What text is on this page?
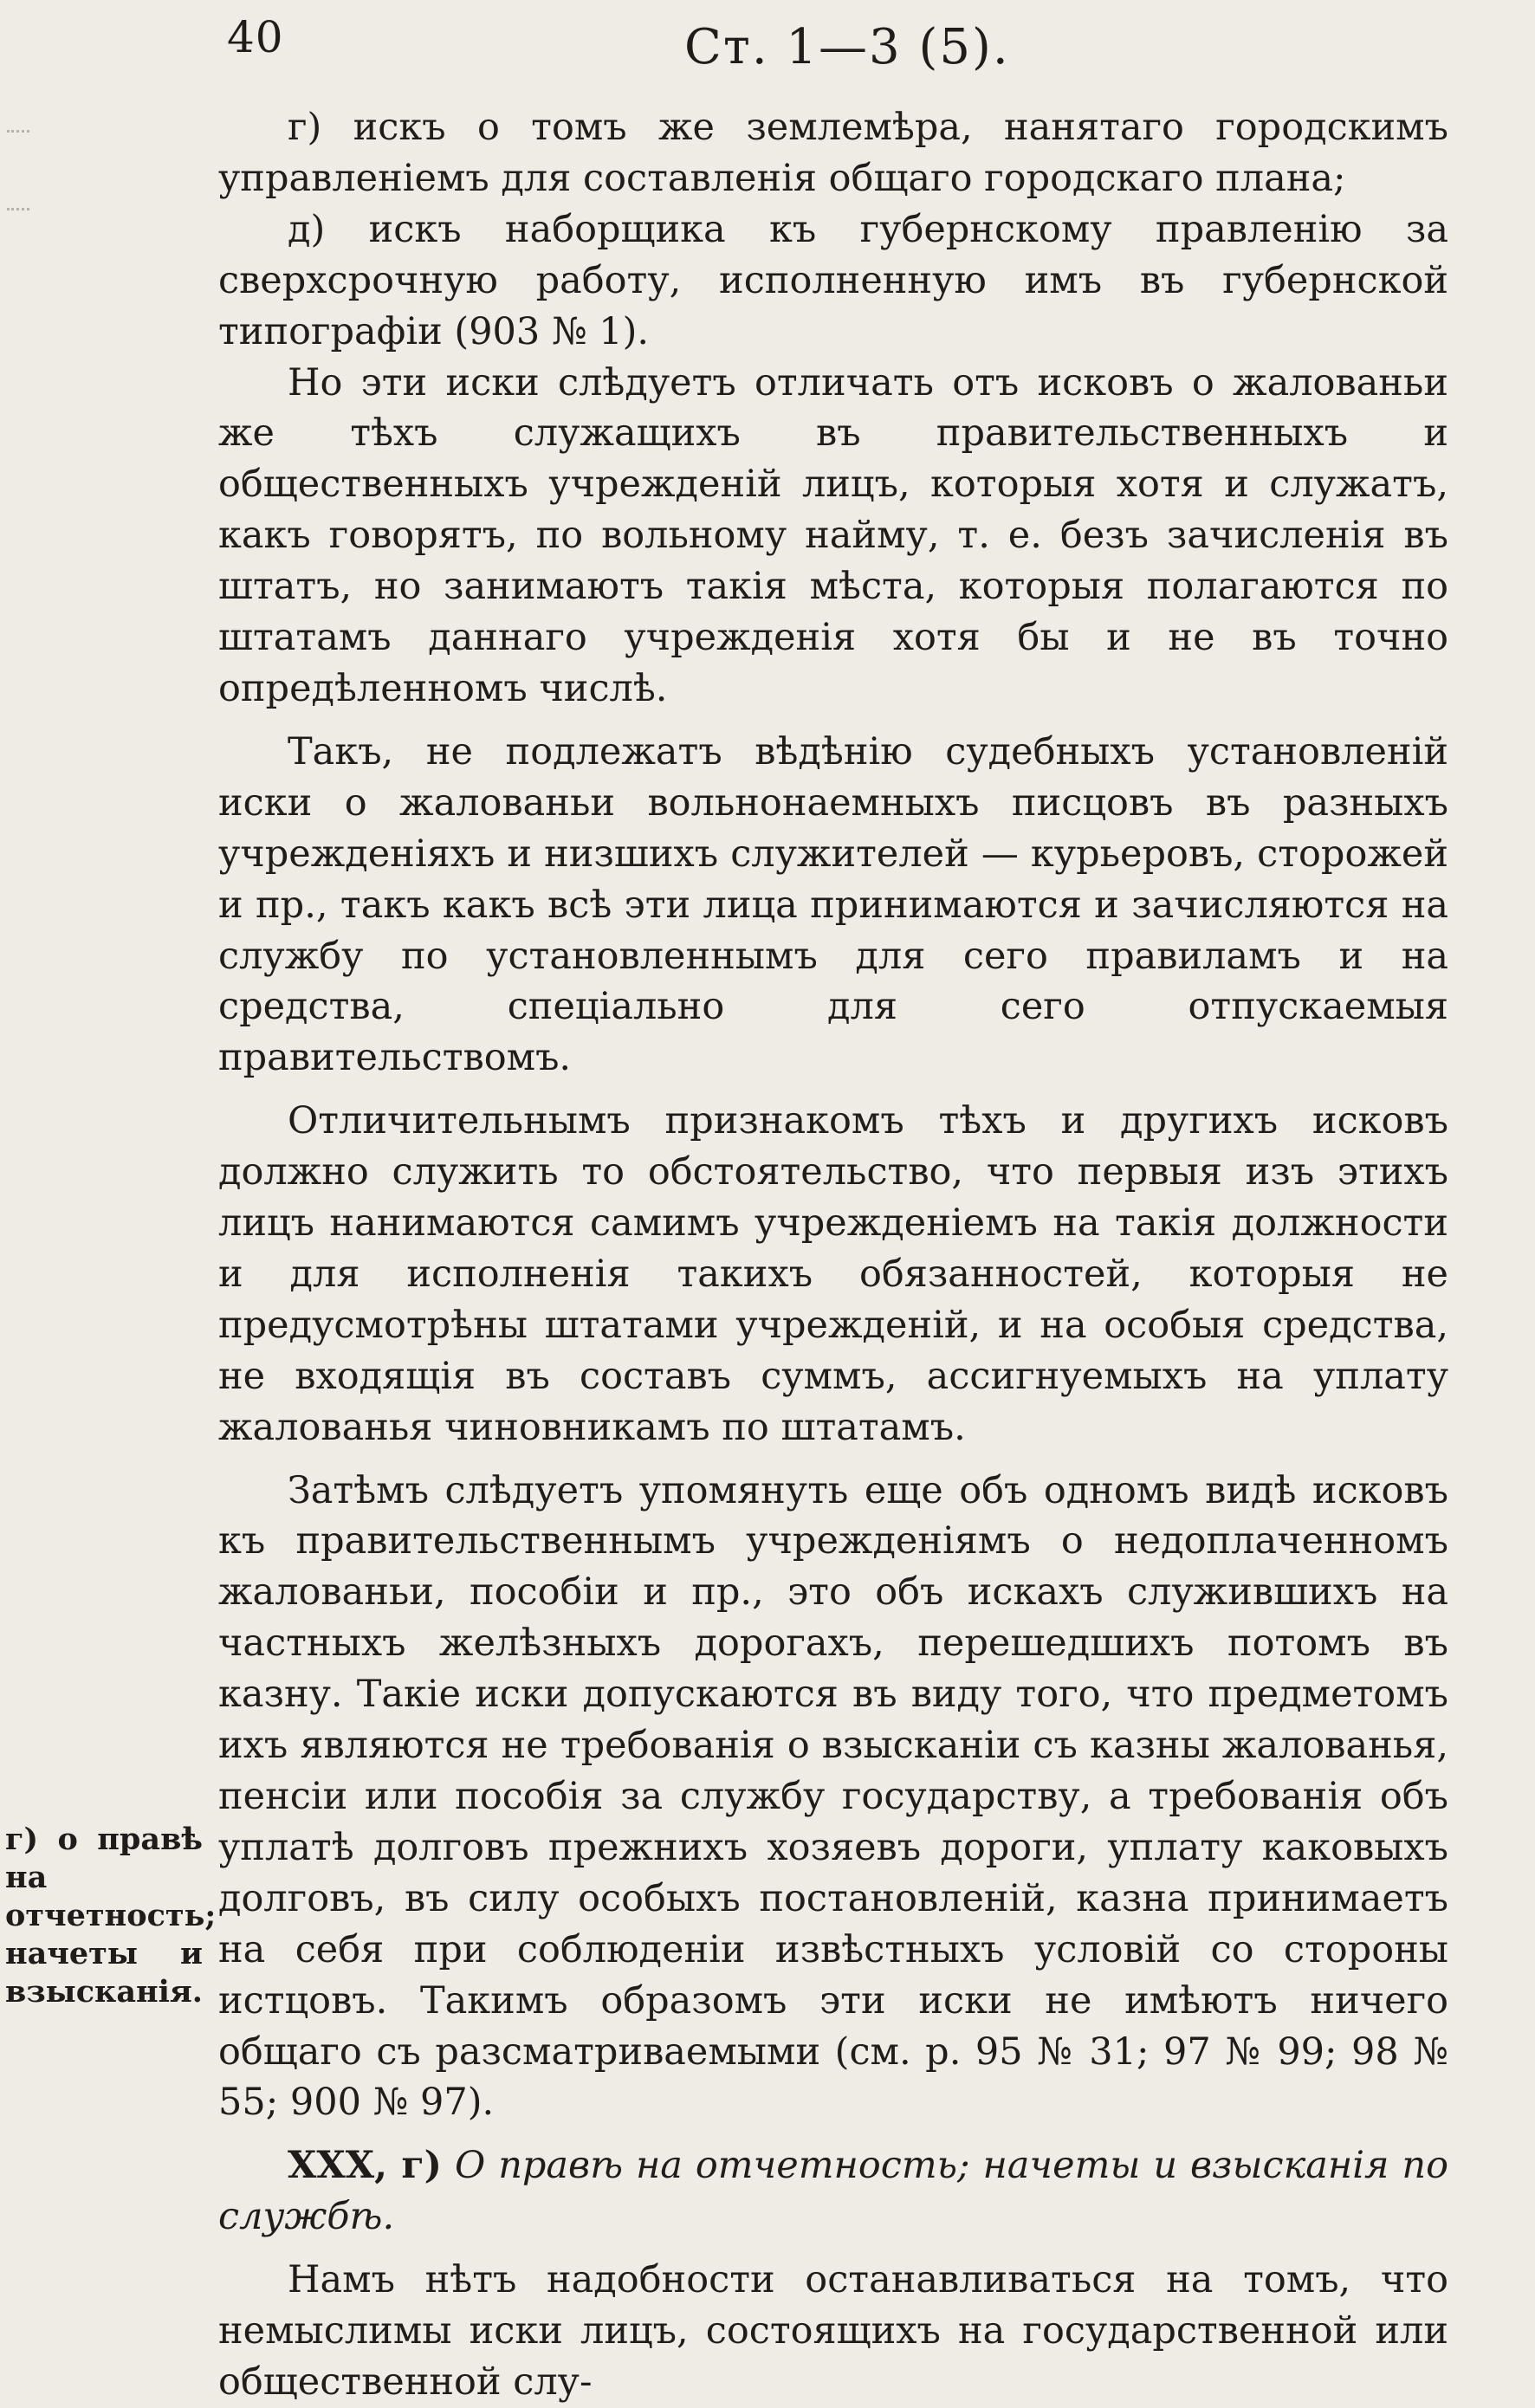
40	Ст. 1—3 (5).

г) искъ о томъ же землемѣра, нанятаго городскимъ управленіемъ для составленія общаго городскаго плана;

д) искъ наборщика къ губернскому правленію за сверхсрочную работу, исполненную имъ въ губернской типографіи (903 № 1).

Но эти иски слѣдуетъ отличать отъ исковъ о жалованьи же тѣхъ служащихъ въ правительственныхъ и общественныхъ учрежденій лицъ, которыя хотя и служатъ, какъ говорятъ, по вольному найму, т. е. безъ зачисленія въ штатъ, но занимаютъ такія мѣста, которыя полагаются по штатамъ даннаго учрежденія хотя бы и не въ точно опредѣленномъ числѣ.

Такъ, не подлежатъ вѣдѣнію судебныхъ установленій иски о жалованьи вольнонаемныхъ писцовъ въ разныхъ учрежденіяхъ и низшихъ служителей — курьеровъ, сторожей и пр., такъ какъ всѣ эти лица принимаются и зачисляются на службу по установленнымъ для сего правиламъ и на средства, спеціально для сего отпускаемыя правительствомъ.

Отличительнымъ признакомъ тѣхъ и другихъ исковъ должно служить то обстоятельство, что первыя изъ этихъ лицъ нанимаются самимъ учрежденіемъ на такія должности и для исполненія такихъ обязанностей, которыя не предусмотрѣны штатами учрежденій, и на особыя средства, не входящія въ составъ суммъ, ассигнуемыхъ на уплату жалованья чиновникамъ по штатамъ.

Затѣмъ слѣдуетъ упомянуть еще объ одномъ видѣ исковъ къ правительственнымъ учрежденіямъ о недоплаченномъ жалованьи, пособіи и пр., это объ искахъ служившихъ на частныхъ желѣзныхъ дорогахъ, перешедшихъ потомъ въ казну. Такіе иски допускаются въ виду того, что предметомъ ихъ являются не требованія о взысканіи съ казны жалованья, пенсіи или пособія за службу государству, а требованія объ уплатѣ долговъ прежнихъ хозяевъ дороги, уплату каковыхъ долговъ, въ силу особыхъ постановленій, казна принимаетъ на себя при соблюденіи извѣстныхъ условій со стороны истцовъ. Такимъ образомъ эти иски не имѣютъ ничего общаго съ разсматриваемыми (см. р. 95 № 31; 97 № 99; 98 № 55; 900 № 97).

XXX, г) О правѣ на отчетность; начеты и взысканія по службѣ.

Намъ нѣтъ надобности останавливаться на томъ, что немыслимы иски лицъ, состоящихъ на государственной или общественной слу-

г) о правѣ на отчетность; начеты и взысканія.
